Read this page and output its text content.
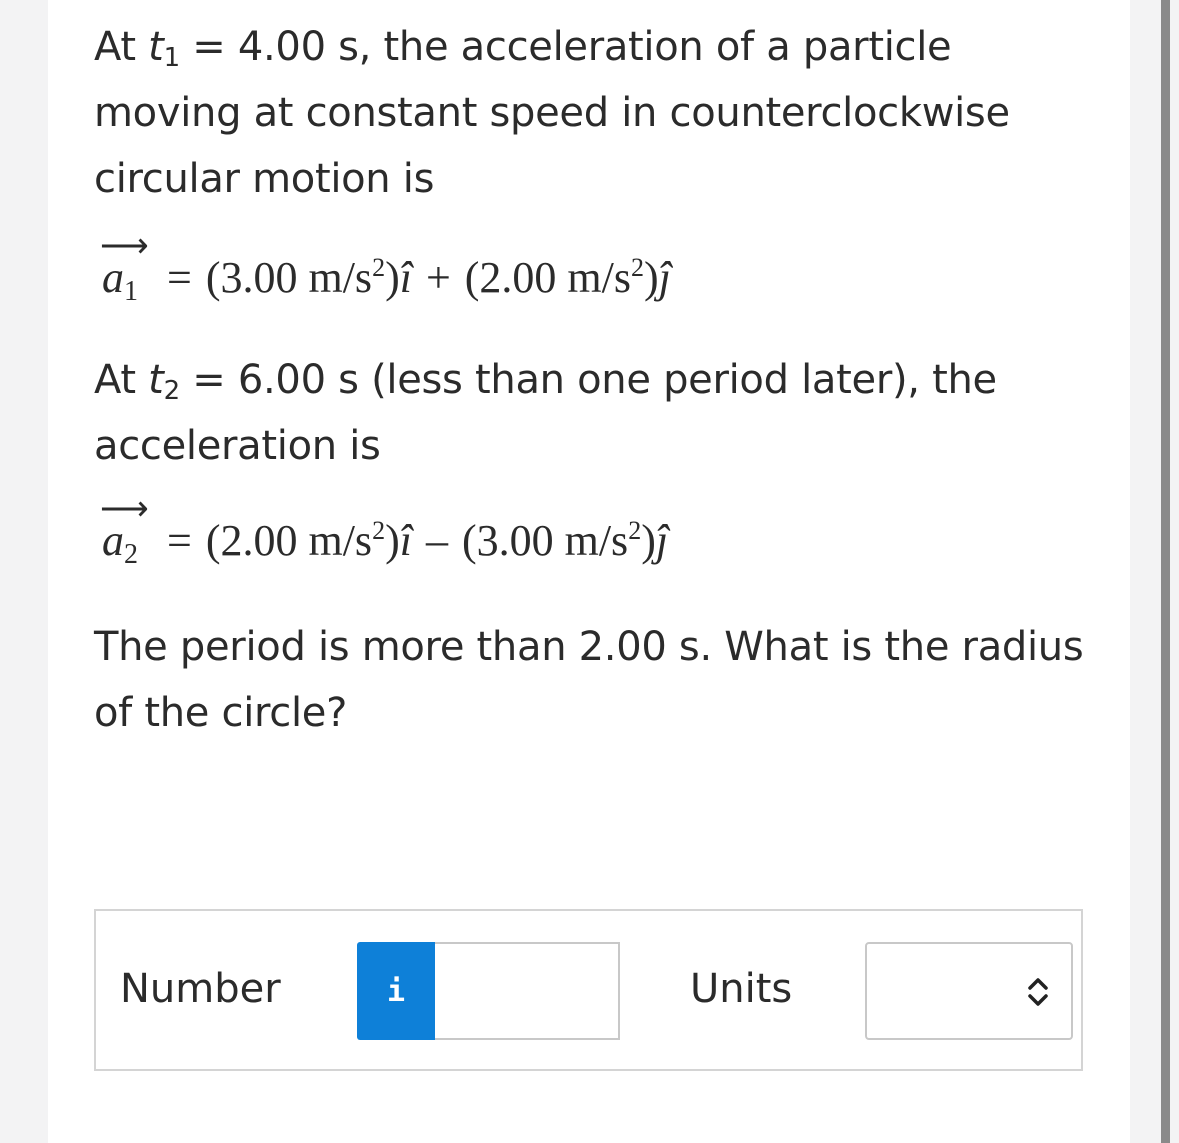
At $t_1 = 4.00$ s, the acceleration of a particle moving at constant speed in counterclockwise circular motion is

⟶
$a_1 = (3.00$ $m/s^2)î + (2.00$ $m/s^2)ĵ$

At $t_2 = 6.00$ s (less than one period later), the acceleration is

⟶
$a_2 = (2.00$ $m/s^2)î - (3.00$ $m/s^2)ĵ$

The period is more than 2.00 s. What is the radius of the circle?

Number	i	Units
